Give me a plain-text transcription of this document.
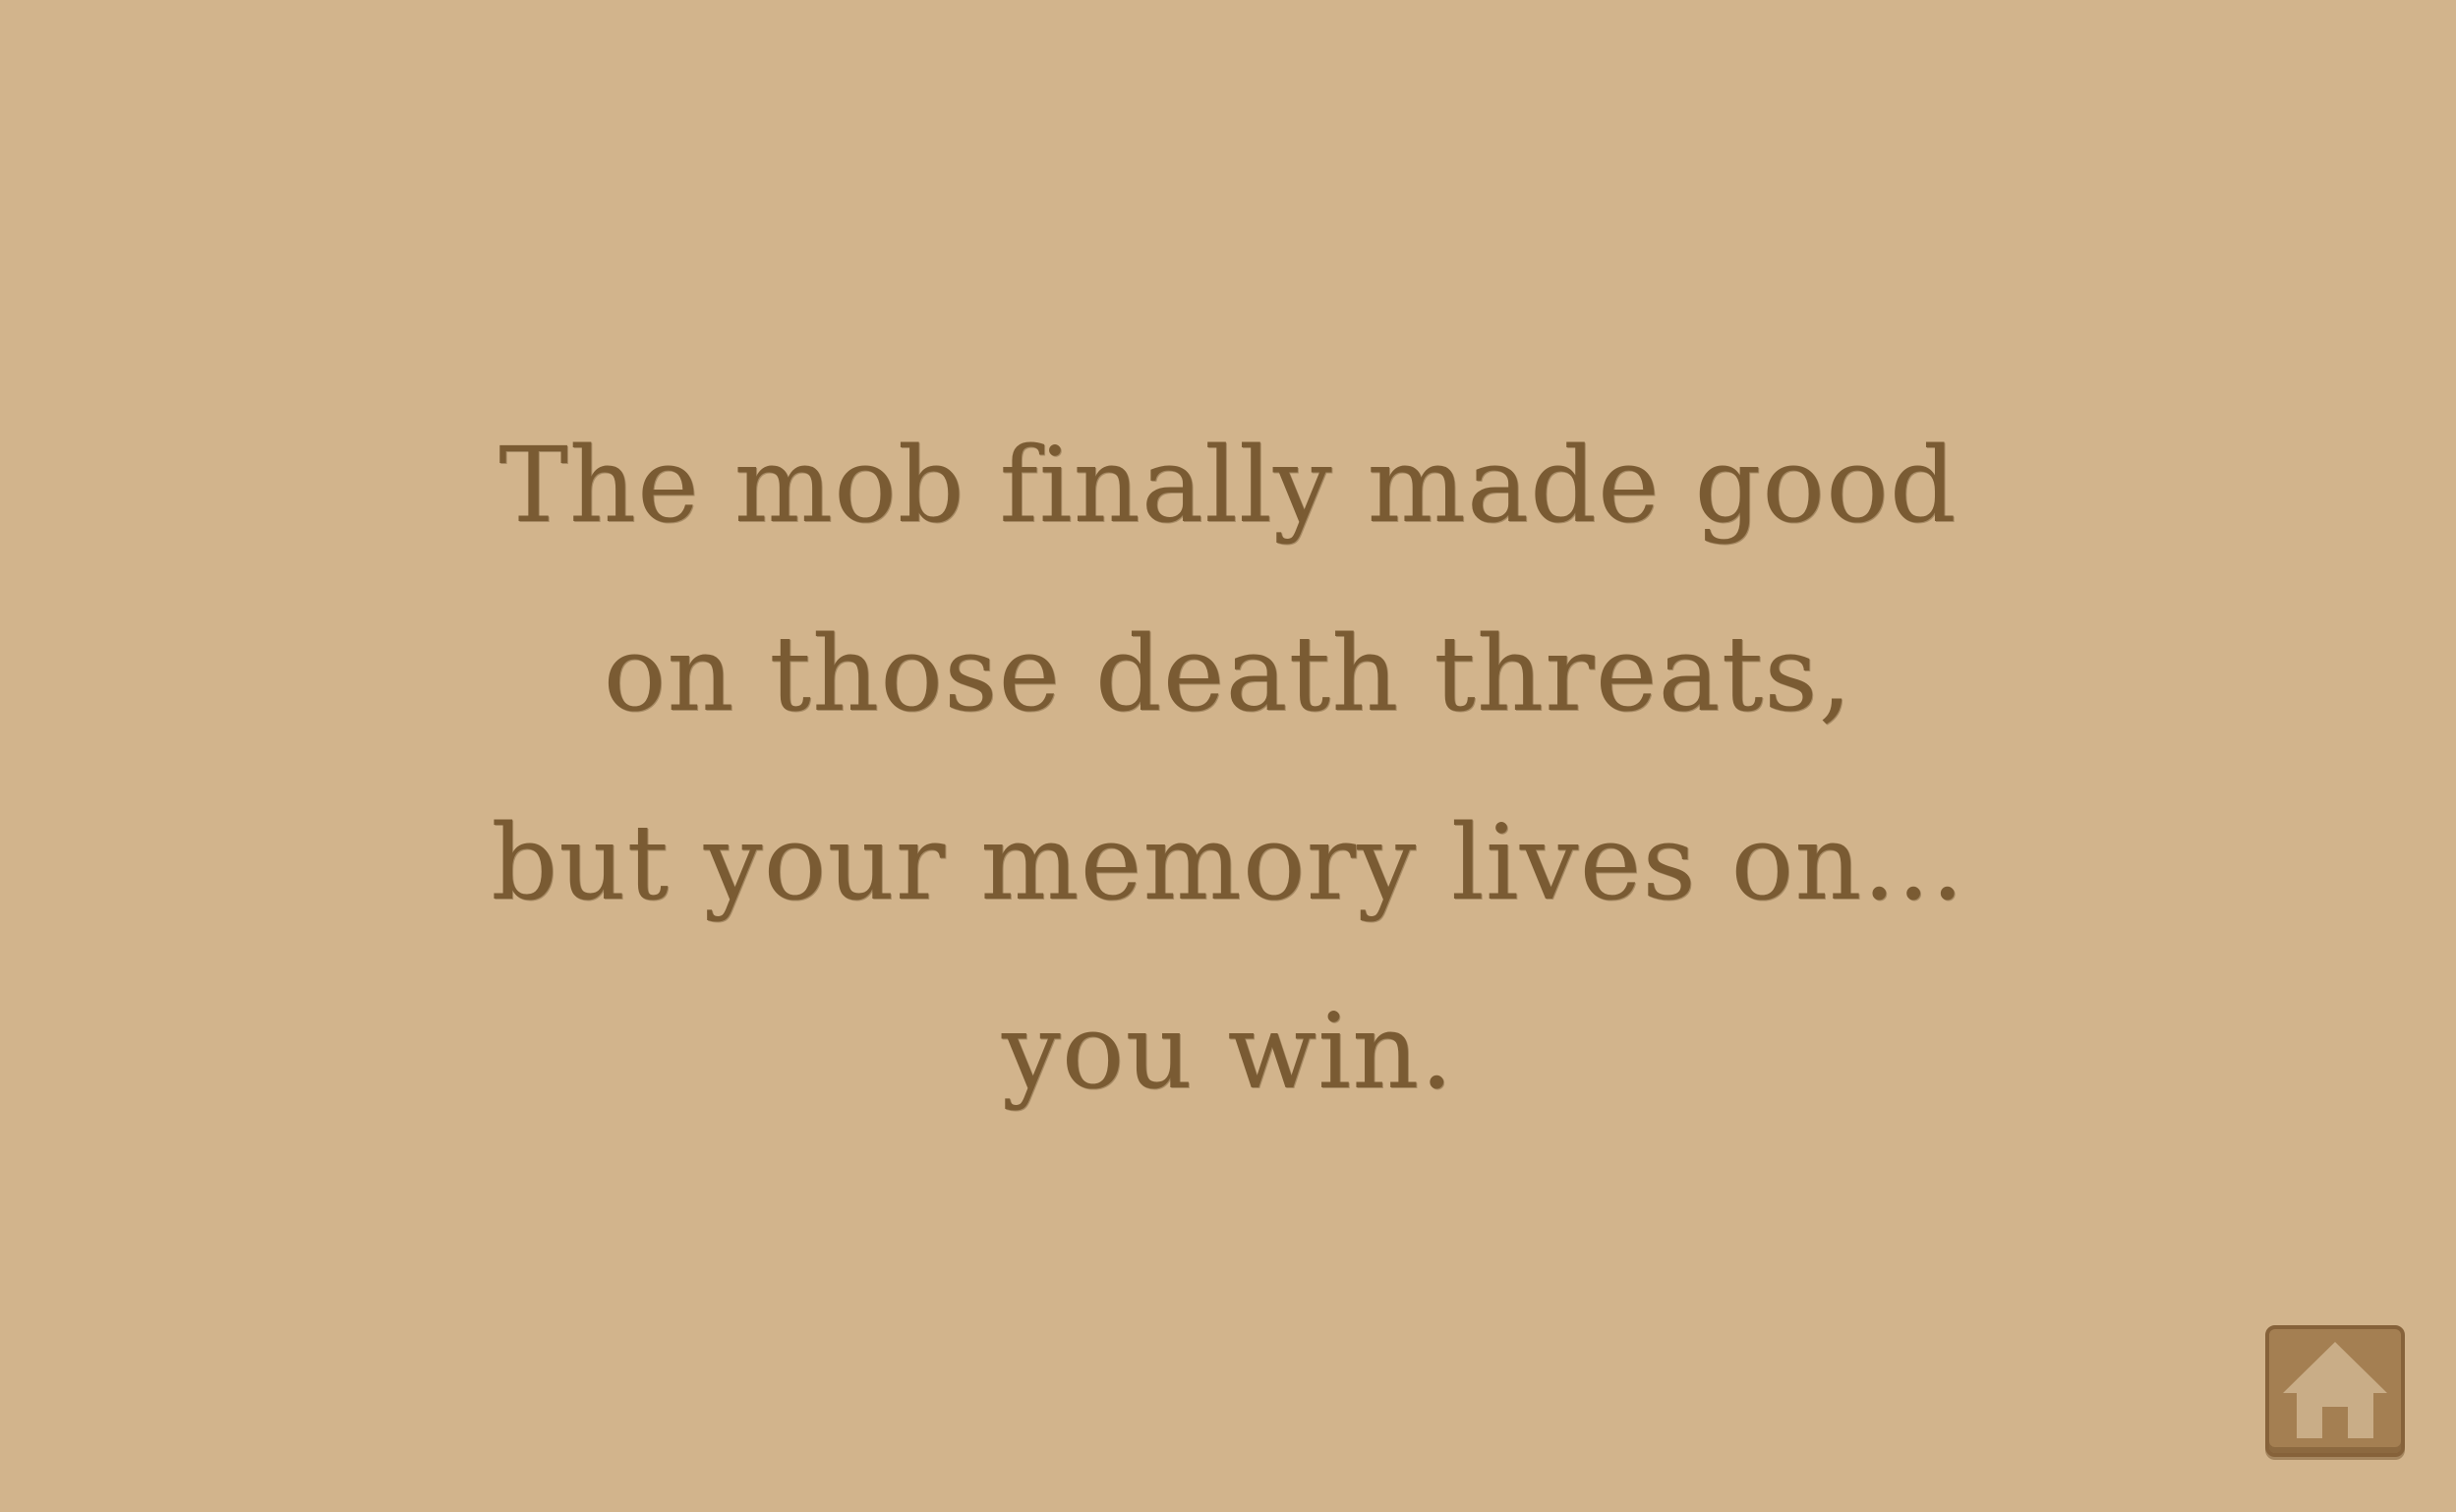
The mob finally made good
on those death threats,
but your memory lives on...
you win.
